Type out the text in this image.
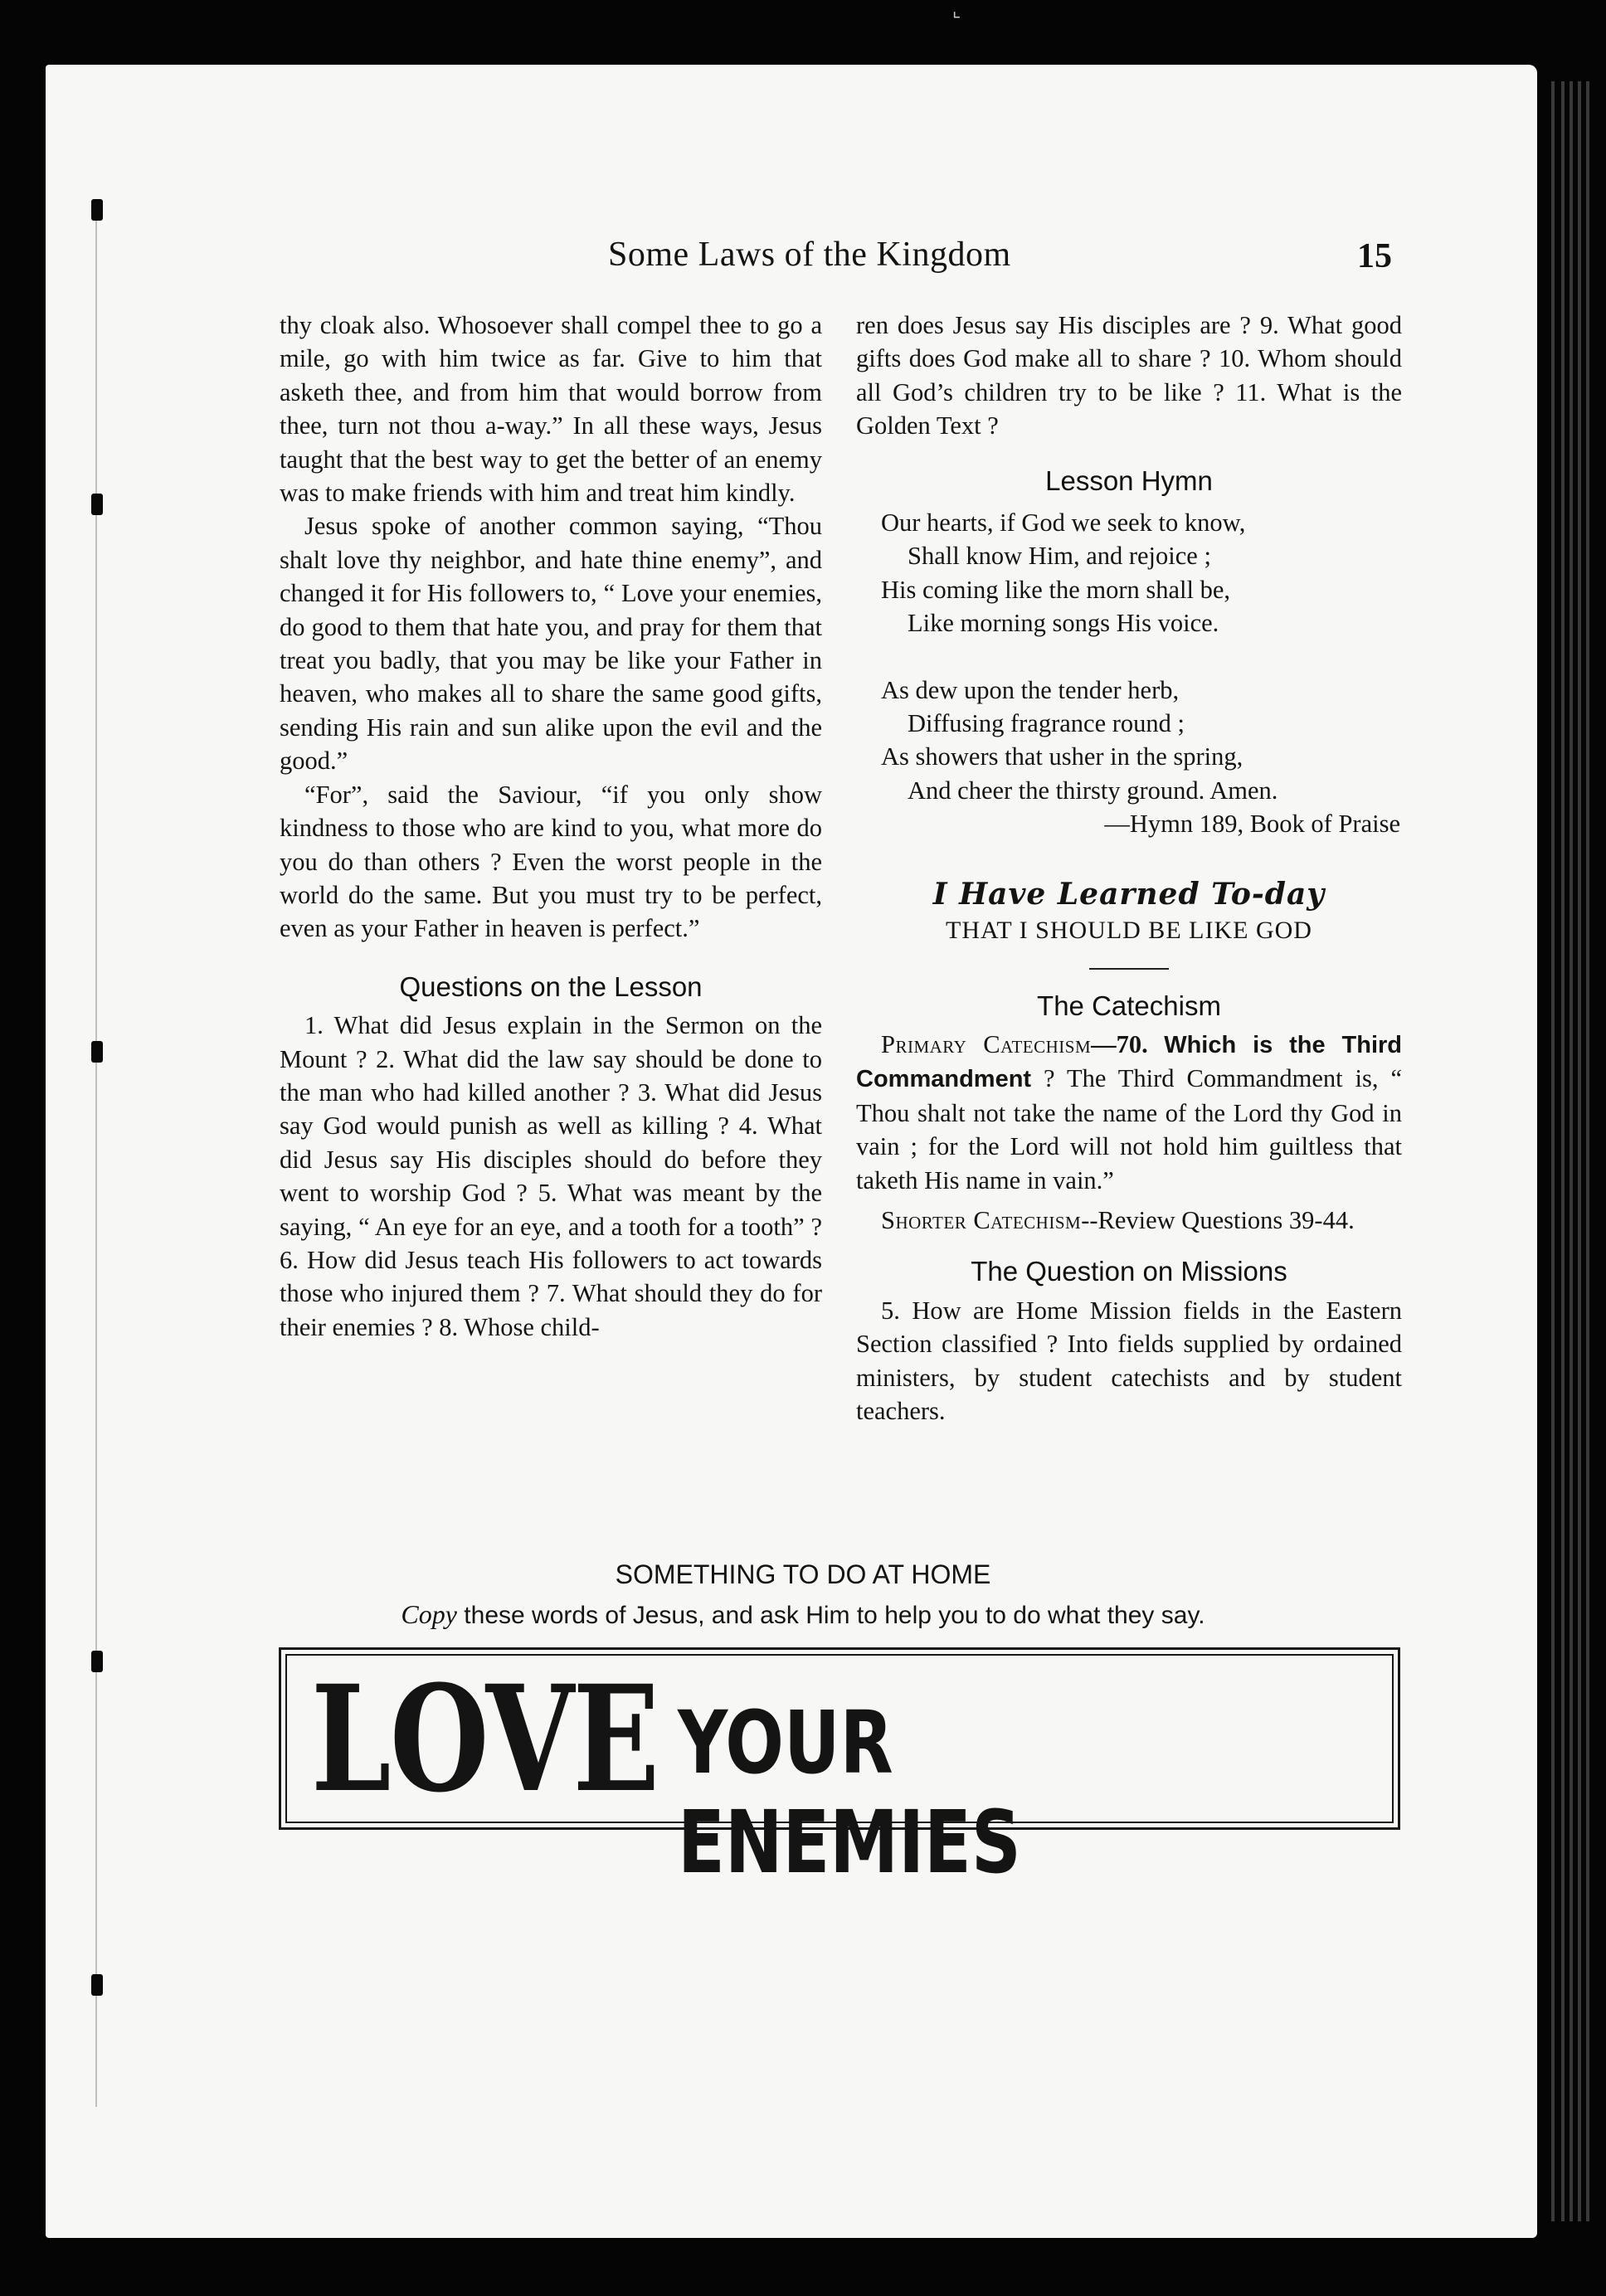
⌞
Some Laws of the Kingdom	15

thy cloak also. Whosoever shall compel thee to go a mile, go with him twice as far. Give to him that asketh thee, and from him that would borrow from thee, turn not thou a-way.” In all these ways, Jesus taught that the best way to get the better of an enemy was to make friends with him and treat him kindly.

Jesus spoke of another common saying, “Thou shalt love thy neighbor, and hate thine enemy”, and changed it for His followers to, “ Love your enemies, do good to them that hate you, and pray for them that treat you badly, that you may be like your Father in heaven, who makes all to share the same good gifts, sending His rain and sun alike upon the evil and the good.”

“For”, said the Saviour, “if you only show kindness to those who are kind to you, what more do you do than others ? Even the worst people in the world do the same. But you must try to be perfect, even as your Father in heaven is perfect.”

Questions on the Lesson

1. What did Jesus explain in the Sermon on the Mount ? 2. What did the law say should be done to the man who had killed another ? 3. What did Jesus say God would punish as well as killing ? 4. What did Jesus say His disciples should do before they went to worship God ? 5. What was meant by the saying, “ An eye for an eye, and a tooth for a tooth” ? 6. How did Jesus teach His followers to act towards those who injured them ? 7. What should they do for their enemies ? 8. Whose child-

ren does Jesus say His disciples are ? 9. What good gifts does God make all to share ? 10. Whom should all God’s children try to be like ? 11. What is the Golden Text ?

Lesson Hymn
Our hearts, if God we seek to know,
Shall know Him, and rejoice ;
His coming like the morn shall be,
Like morning songs His voice.
As dew upon the tender herb,
Diffusing fragrance round ;
As showers that usher in the spring,
And cheer the thirsty ground. Amen.
—Hymn 189, Book of Praise
I Have Learned To-day
THAT I SHOULD BE LIKE GOD
The Catechism

Primary Catechism—70. Which is the Third Commandment ? The Third Commandment is, “ Thou shalt not take the name of the Lord thy God in vain ; for the Lord will not hold him guiltless that taketh His name in vain.”

Shorter Catechism--Review Questions 39-44.

The Question on Missions

5. How are Home Mission fields in the Eastern Section classified ? Into fields supplied by ordained ministers, by student catechists and by student teachers.

SOMETHING TO DO AT HOME
Copy these words of Jesus, and ask Him to help you to do what they say.
LOVE YOUR ENEMIES
